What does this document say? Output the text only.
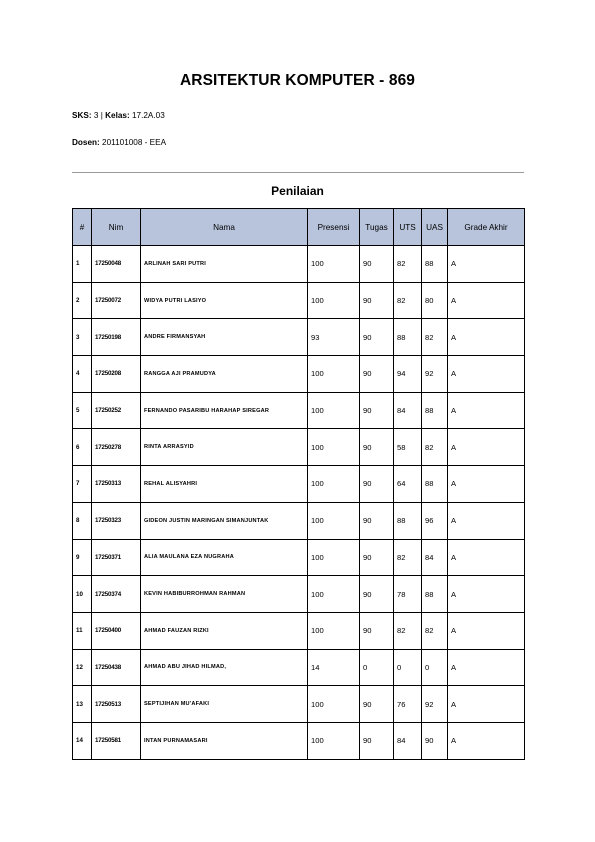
ARSITEKTUR KOMPUTER - 869
SKS: 3 | Kelas: 17.2A.03
Dosen: 201101008 - EEA
Penilaian
#	Nim	Nama	Presensi	Tugas	UTS	UAS	Grade Akhir
1	17250048	ARLINAH SARI PUTRI	100	90	82	88	A
2	17250072	WIDYA PUTRI LASIYO	100	90	82	80	A
3	17250198	ANDRE FIRMANSYAH	93	90	88	82	A
4	17250208	RANGGA AJI PRAMUDYA	100	90	94	92	A
5	17250252	FERNANDO PASARIBU HARAHAP SIREGAR	100	90	84	88	A
6	17250278	RINTA ARRASYID	100	90	58	82	A
7	17250313	REHAL ALISYAHRI	100	90	64	88	A
8	17250323	GIDEON JUSTIN MARINGAN SIMANJUNTAK	100	90	88	96	A
9	17250371	ALIA MAULANA EZA NUGRAHA	100	90	82	84	A
10	17250374	KEVIN HABIBURROHMAN RAHMAN	100	90	78	88	A
11	17250400	AHMAD FAUZAN RIZKI	100	90	82	82	A
12	17250438	AHMAD ABU JIHAD HILMAD,	14	0	0	0	A
13	17250513	SEPTIJIHAN MU'AFAKI	100	90	76	92	A
14	17250581	INTAN PURNAMASARI	100	90	84	90	A
